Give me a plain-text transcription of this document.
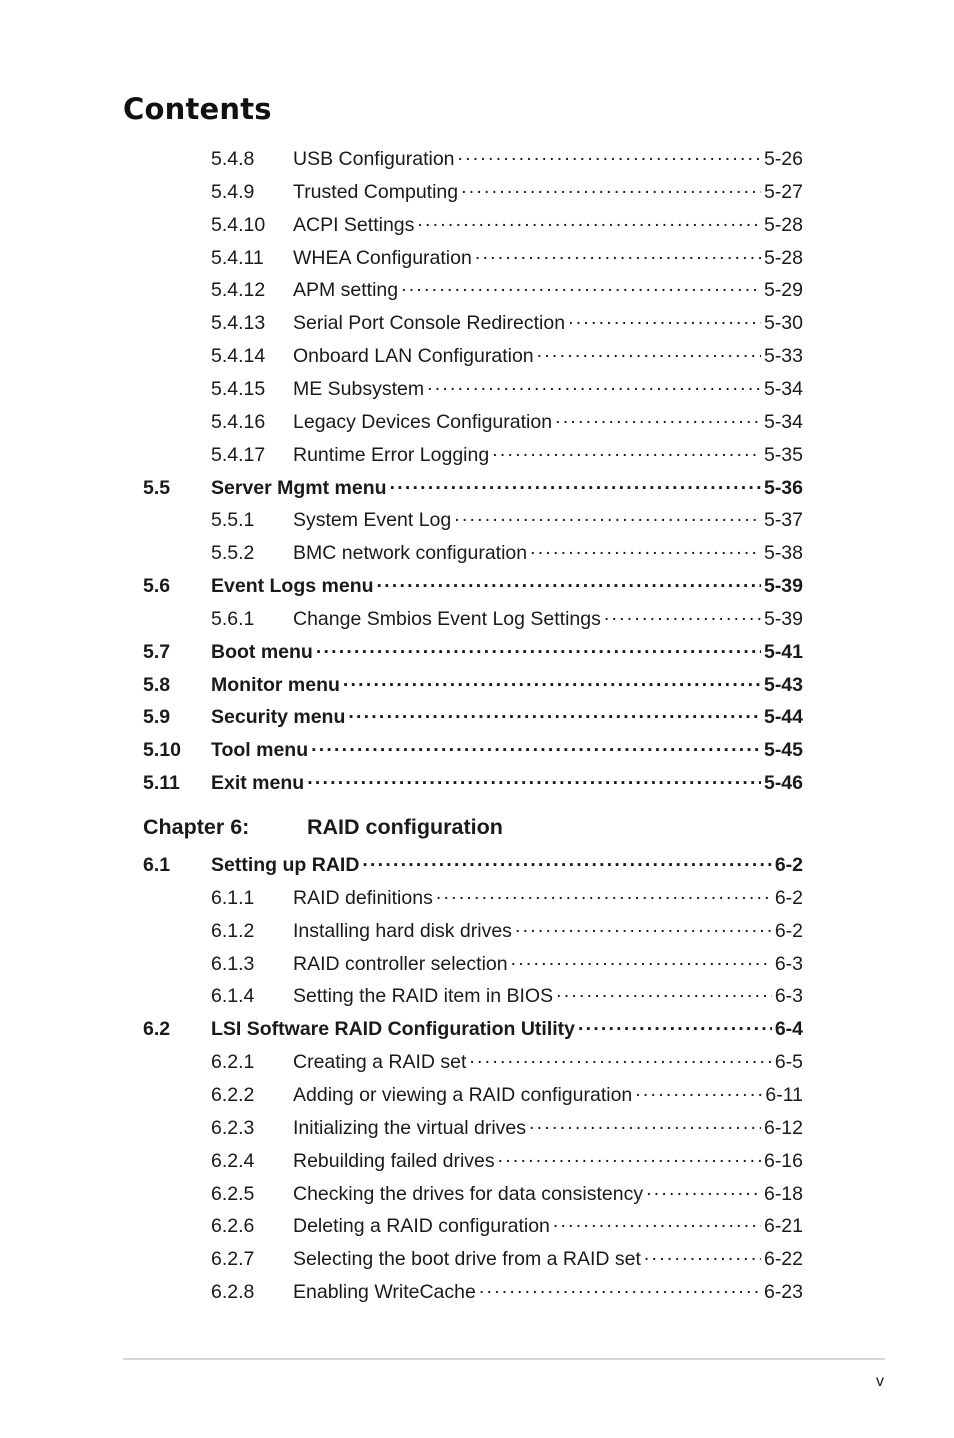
Contents
5.4.8 USB Configuration . . .	5-26
5.4.9 Trusted Computing . . .	5-27
5.4.10 ACPI Settings . . .	5-28
5.4.11 WHEA Configuration . . .	5-28
5.4.12 APM setting . . .	5-29
5.4.13 Serial Port Console Redirection . . .	5-30
5.4.14 Onboard LAN Configuration . . .	5-33
5.4.15 ME Subsystem . . .	5-34
5.4.16 Legacy Devices Configuration . . .	5-34
5.4.17 Runtime Error Logging . . .	5-35
5.5 Server Mgmt menu . . .	5-36
5.5.1 System Event Log . . .	5-37
5.5.2 BMC network configuration . . .	5-38
5.6 Event Logs menu . . .	5-39
5.6.1 Change Smbios Event Log Settings . . .	5-39
5.7 Boot menu . . .	5-41
5.8 Monitor menu . . .	5-43
5.9 Security menu . . .	5-44
5.10 Tool menu . . .	5-45
5.11 Exit menu . . .	5-46
6.1 Setting up RAID . . .	6-2
6.1.1 RAID definitions . . .	6-2
6.1.2 Installing hard disk drives . . .	6-2
6.1.3 RAID controller selection . . .	6-3
6.1.4 Setting the RAID item in BIOS . . .	6-3
6.2 LSI Software RAID Configuration Utility . . .	6-4
6.2.1 Creating a RAID set . . .	6-5
6.2.2 Adding or viewing a RAID configuration . . .	6-11
6.2.3 Initializing the virtual drives . . .	6-12
6.2.4 Rebuilding failed drives . . .	6-16
6.2.5 Checking the drives for data consistency . . .	6-18
6.2.6 Deleting a RAID configuration . . .	6-21
6.2.7 Selecting the boot drive from a RAID set . . .	6-22
6.2.8 Enabling WriteCache . . .	6-23
Chapter 6:	RAID configuration
v
